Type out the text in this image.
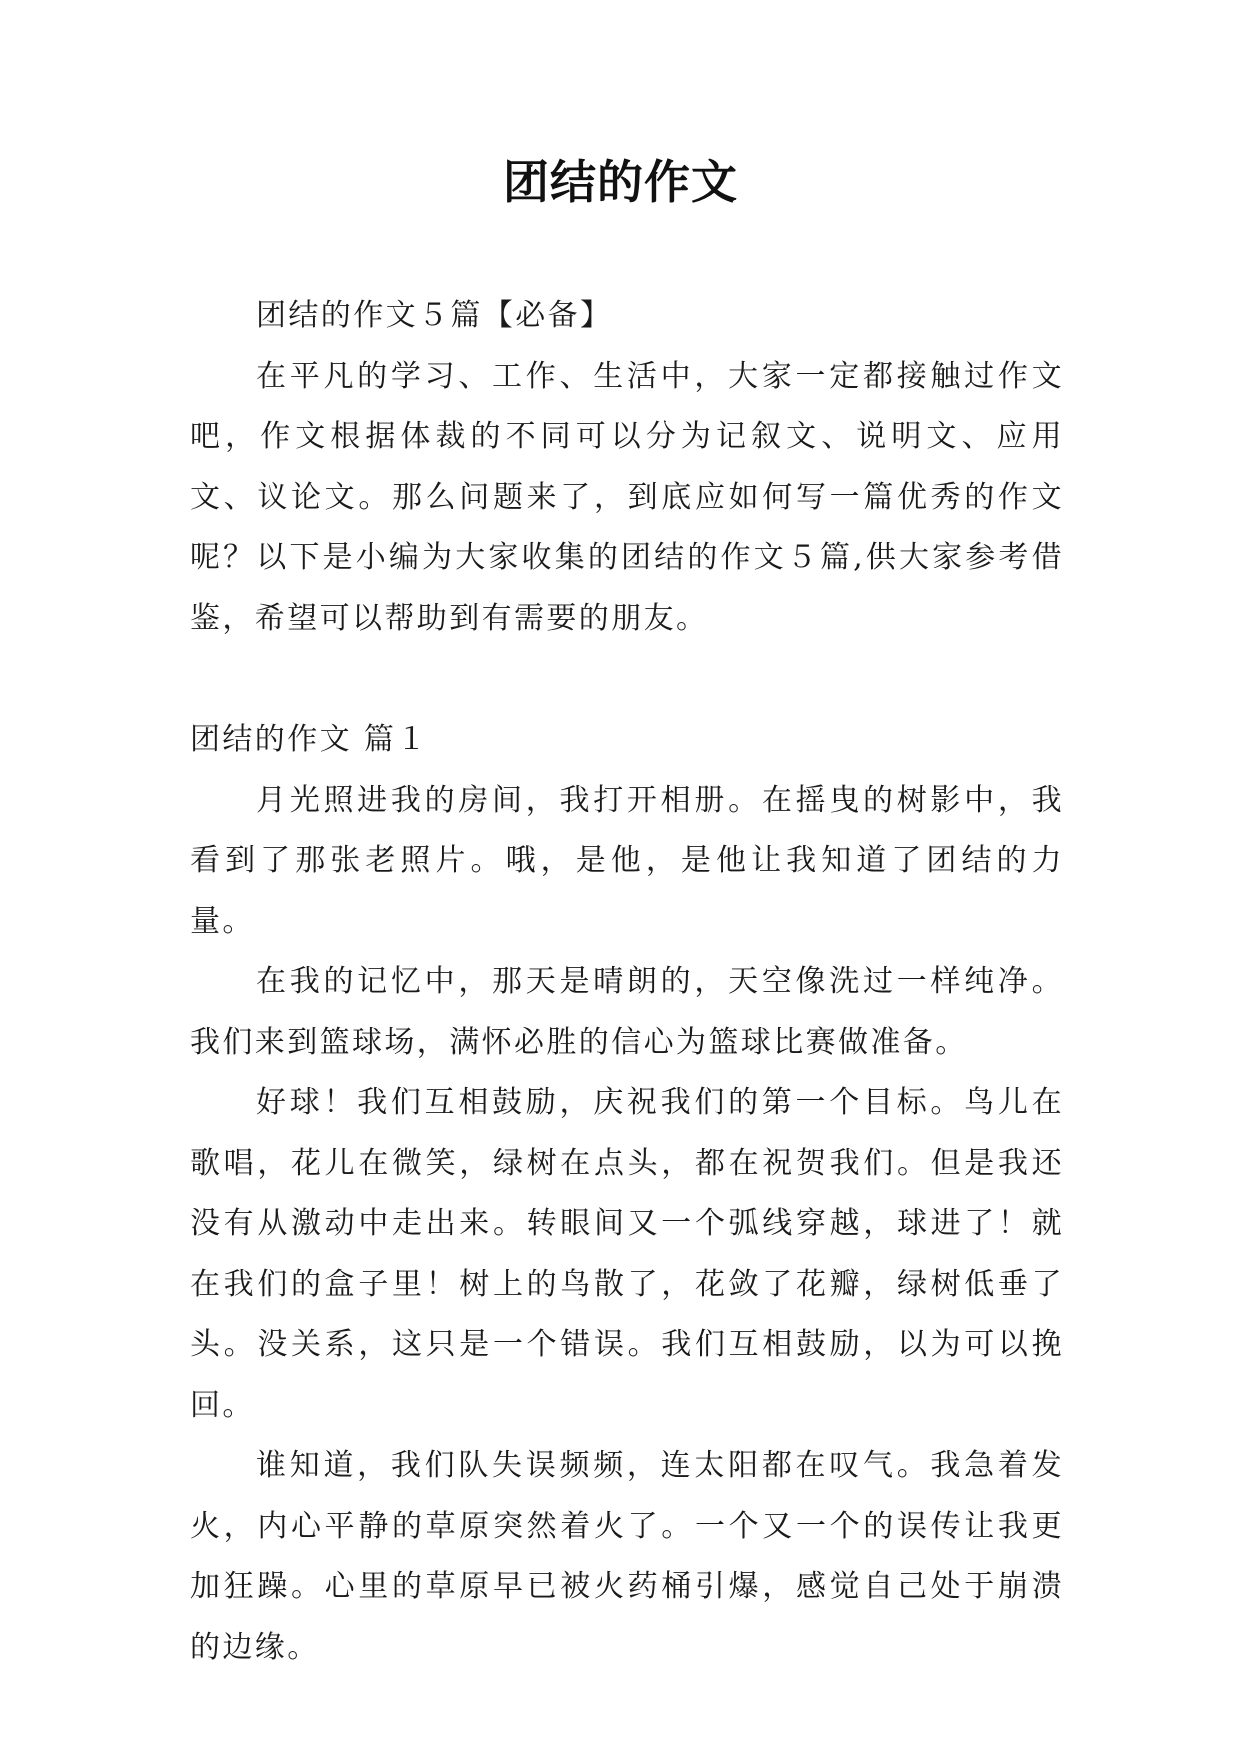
团结的作文

团结的作文５篇【必备】

在平凡的学习、工作、生活中，大家一定都接触过作文吧，作文根据体裁的不同可以分为记叙文、说明文、应用文、议论文。那么问题来了，到底应如何写一篇优秀的作文呢？以下是小编为大家收集的团结的作文５篇,供大家参考借鉴，希望可以帮助到有需要的朋友。

团结的作文 篇１

月光照进我的房间，我打开相册。在摇曳的树影中，我看到了那张老照片。哦，是他，是他让我知道了团结的力量。

在我的记忆中，那天是晴朗的，天空像洗过一样纯净。我们来到篮球场，满怀必胜的信心为篮球比赛做准备。

好球！我们互相鼓励，庆祝我们的第一个目标。鸟儿在歌唱，花儿在微笑，绿树在点头，都在祝贺我们。但是我还没有从激动中走出来。转眼间又一个弧线穿越，球进了！就在我们的盒子里！树上的鸟散了，花敛了花瓣，绿树低垂了头。没关系，这只是一个错误。我们互相鼓励，以为可以挽回。

谁知道，我们队失误频频，连太阳都在叹气。我急着发火，内心平静的草原突然着火了。一个又一个的误传让我更加狂躁。心里的草原早已被火药桶引爆，感觉自己处于崩溃的边缘。
